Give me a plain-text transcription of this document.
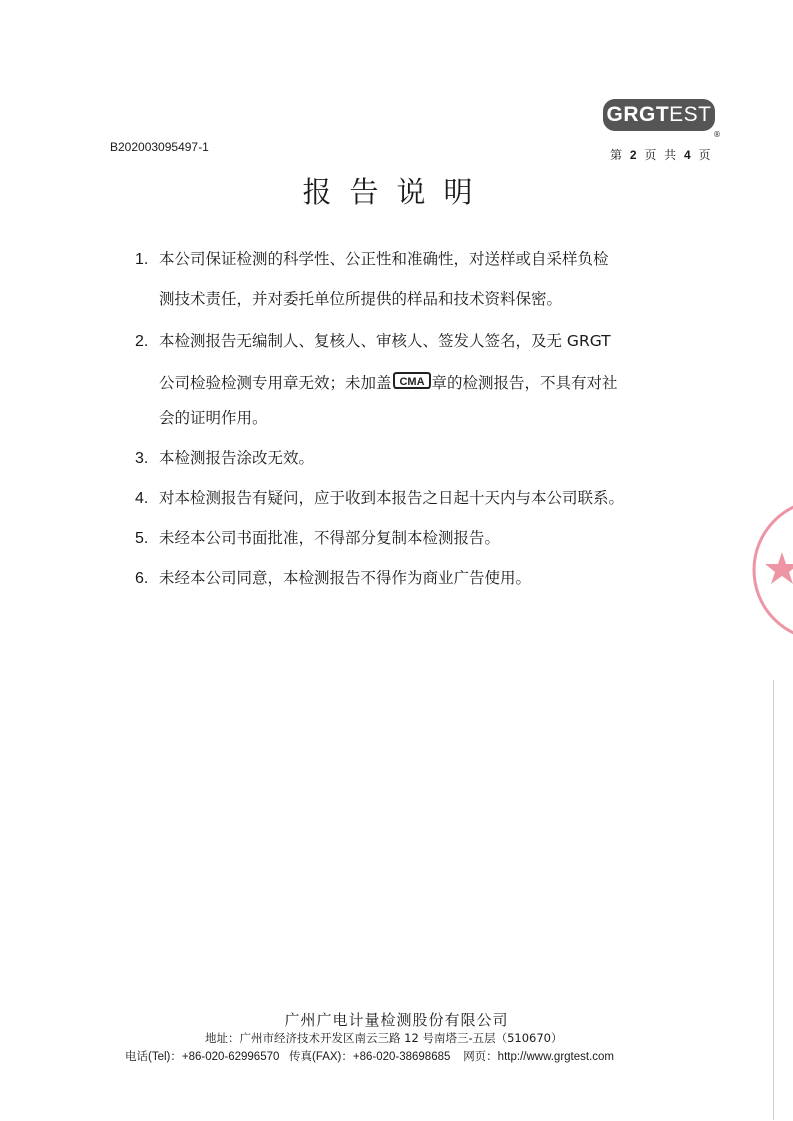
GRGTEST
®
B202003095497-1
第 2 页 共 4 页
报告说明
1. 本公司保证检测的科学性、公正性和准确性，对送样或自采样负检
测技术责任，并对委托单位所提供的样品和技术资料保密。
2. 本检测报告无编制人、复核人、审核人、签发人签名，及无 GRGT
公司检验检测专用章无效；未加盖 CMA 章的检测报告，不具有对社
会的证明作用。
3. 本检测报告涂改无效。
4. 对本检测报告有疑问，应于收到本报告之日起十天内与本公司联系。
5. 未经本公司书面批准，不得部分复制本检测报告。
6. 未经本公司同意，本检测报告不得作为商业广告使用。
广州广电计量检测股份有限公司
地址：广州市经济技术开发区南云三路 12 号南塔三-五层（510670）
电话(Tel)：+86-020-62996570 传真(FAX)：+86-020-38698685 网页：http://www.grgtest.com
